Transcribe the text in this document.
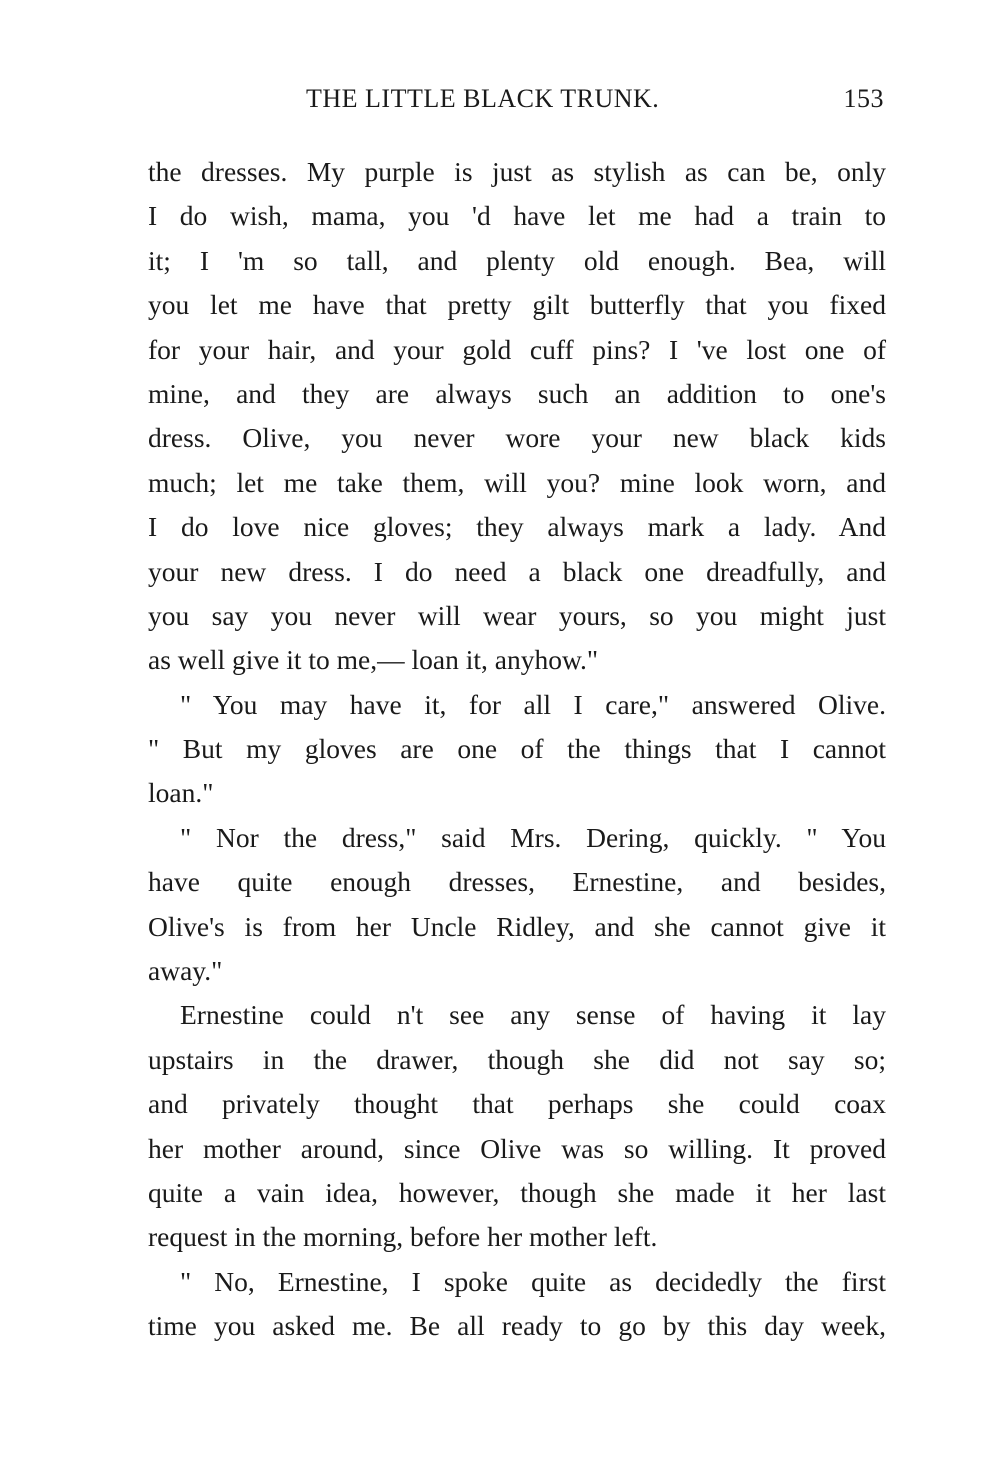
THE LITTLE BLACK TRUNK.	153
the dresses. My purple is just as stylish as can be, only
I do wish, mama, you 'd have let me had a train to
it; I 'm so tall, and plenty old enough. Bea, will
you let me have that pretty gilt butterfly that you fixed
for your hair, and your gold cuff pins? I 've lost one of
mine, and they are always such an addition to one's
dress. Olive, you never wore your new black kids
much; let me take them, will you? mine look worn, and
I do love nice gloves; they always mark a lady. And
your new dress. I do need a black one dreadfully, and
you say you never will wear yours, so you might just
as well give it to me,— loan it, anyhow."
" You may have it, for all I care," answered Olive.
" But my gloves are one of the things that I cannot
loan."
" Nor the dress," said Mrs. Dering, quickly. " You
have quite enough dresses, Ernestine, and besides,
Olive's is from her Uncle Ridley, and she cannot give it
away."
Ernestine could n't see any sense of having it lay
upstairs in the drawer, though she did not say so;
and privately thought that perhaps she could coax
her mother around, since Olive was so willing. It proved
quite a vain idea, however, though she made it her last
request in the morning, before her mother left.
" No, Ernestine, I spoke quite as decidedly the first
time you asked me. Be all ready to go by this day week,
